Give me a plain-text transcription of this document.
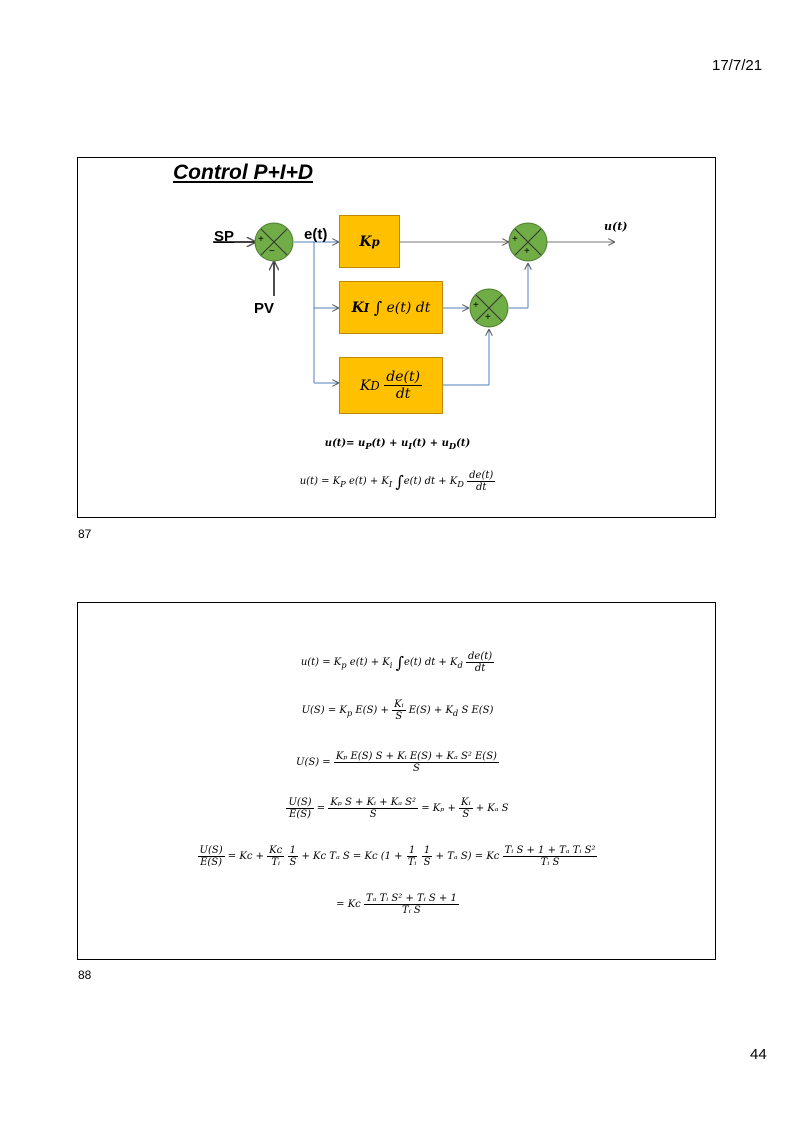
17/7/21
Control P+I+D
SP
PV
e(t)	u(t)
+
−
+
+
+
+
K p
K I
∫
e(t) dt
K D
$\frac{de(t)}{dt}$
$u(t)= u_P(t) + u_I(t) + u_D(t)$
$u(t) = K_P$ $e(t) + K_I$ ∫e(t) dt + $K_D \frac{de(t)}{dt}$
87
$u(t) = K_p$ $e(t) + K_i$ ∫e(t) dt + $K_d \frac{de(t)}{dt}$
$U(S) = K_p$ $E(S) + \frac{\text{Kᵢ}}{S} E(S) + K_d$ S E(S)
$U(S) = \frac{\text{Kₚ E(S) S + Kᵢ E(S) + Kₐ S² E(S)}}{S}$
$\frac{U(S)}{E(S)} = \frac{\text{Kₚ S + Kᵢ + Kₐ S²}}{S} = K_p + \frac{\text{Kᵢ}}{S} + K_a$ S
$\frac{U(S)}{E(S)}$ = Kᴄ + $\frac{\text{Kᴄ}}{\text{Tᵢ}}$
$\frac{1}{S}$ + Kᴄ Tₐ S = Kᴄ ($1 + \frac{1}{\text{Tᵢ}}$
$\frac{1}{S} + T_a$ S) = Kᴄ $\frac{\text{Tᵢ S + 1 + Tₐ Tᵢ S²}}{\text{Tᵢ S}}$
= Kᴄ $\frac{\text{Tₐ Tᵢ S² + Tᵢ S + 1}}{\text{Tᵢ S}}$
88
44
